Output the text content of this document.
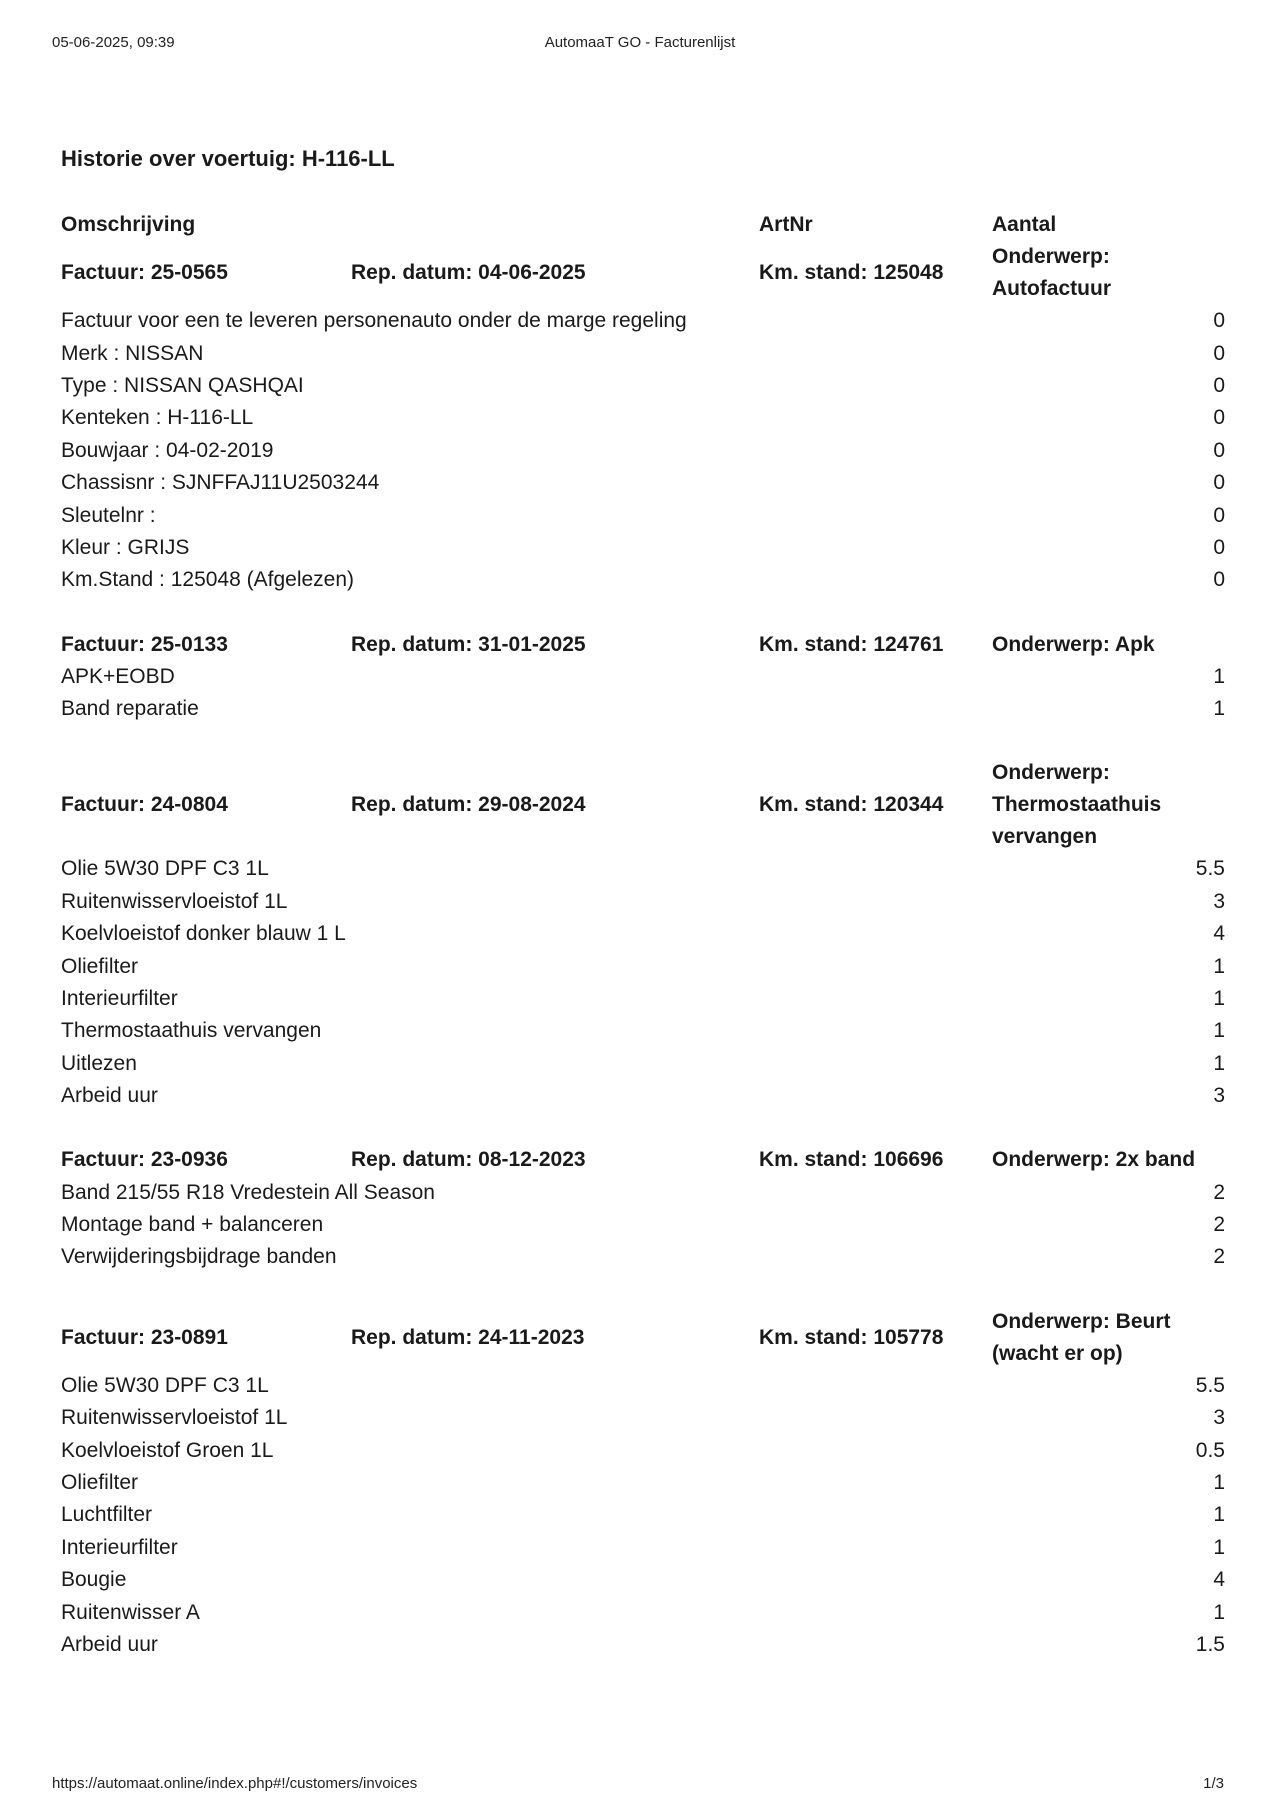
05-06-2025, 09:39	AutomaaT GO - Facturenlijst
Historie over voertuig: H-116-LL
Omschrijving	ArtNr	Aantal
Factuur: 25-0565	Rep. datum: 04-06-2025	Km. stand: 125048
Onderwerp: Autofactuur
Factuur voor een te leveren personenauto onder de marge regeling	0
Merk : NISSAN	0
Type : NISSAN QASHQAI	0
Kenteken : H-116-LL	0
Bouwjaar : 04-02-2019	0
Chassisnr : SJNFFAJ11U2503244	0
Sleutelnr :	0
Kleur : GRIJS	0
Km.Stand : 125048 (Afgelezen)	0
Factuur: 25-0133	Rep. datum: 31-01-2025	Km. stand: 124761	Onderwerp: Apk
APK+EOBD	1
Band reparatie	1
Factuur: 24-0804	Rep. datum: 29-08-2024	Km. stand: 120344
Onderwerp: Thermostaathuis vervangen
Olie 5W30 DPF C3 1L	5.5
Ruitenwisservloeistof 1L	3
Koelvloeistof donker blauw 1 L	4
Oliefilter	1
Interieurfilter	1
Thermostaathuis vervangen	1
Uitlezen	1
Arbeid uur	3
Factuur: 23-0936	Rep. datum: 08-12-2023	Km. stand: 106696	Onderwerp: 2x band
Band 215/55 R18 Vredestein All Season	2
Montage band + balanceren	2
Verwijderingsbijdrage banden	2
Factuur: 23-0891	Rep. datum: 24-11-2023	Km. stand: 105778
Onderwerp: Beurt (wacht er op)
Olie 5W30 DPF C3 1L	5.5
Ruitenwisservloeistof 1L	3
Koelvloeistof Groen 1L	0.5
Oliefilter	1
Luchtfilter	1
Interieurfilter	1
Bougie	4
Ruitenwisser A	1
Arbeid uur	1.5
https://automaat.online/index.php#!/customers/invoices	1/3
